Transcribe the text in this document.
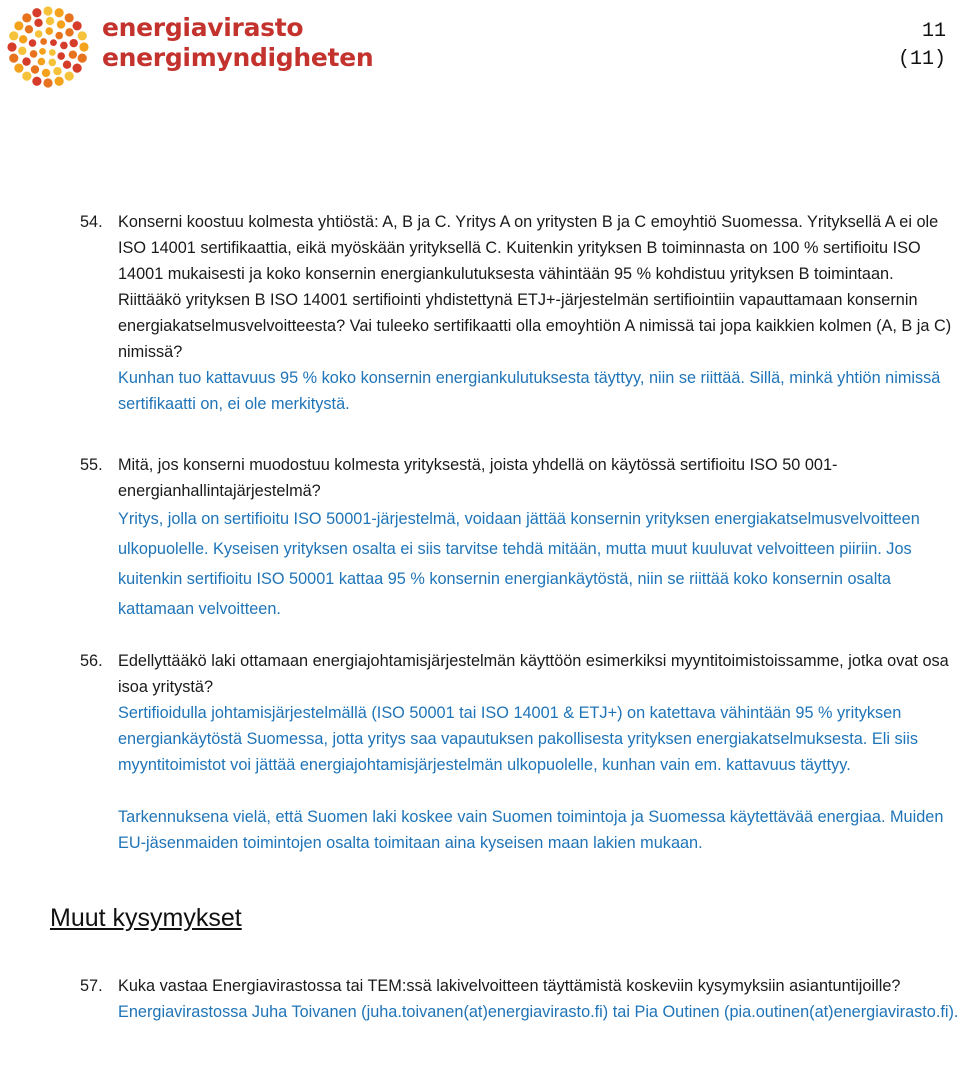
energiavirasto
energimyndigheten
11
(11)
54. Konserni koostuu kolmesta yhtiöstä: A, B ja C. Yritys A on yritysten B ja C emoyhtiö Suomessa. Yrityksellä A ei ole ISO 14001 sertifikaattia, eikä myöskään yrityksellä C. Kuitenkin yrityksen B toiminnasta on 100 % sertifioitu ISO 14001 mukaisesti ja koko konsernin energiankulutuksesta vähintään 95 % kohdistuu yrityksen B toimintaan. Riittääkö yrityksen B ISO 14001 sertifiointi yhdistettynä ETJ+-järjestelmän sertifiointiin vapauttamaan konsernin energiakatselmusvelvoitteesta? Vai tuleeko sertifikaatti olla emoyhtiön A nimissä tai jopa kaikkien kolmen (A, B ja C) nimissä?

Kunhan tuo kattavuus 95 % koko konsernin energiankulutuksesta täyttyy, niin se riittää. Sillä, minkä yhtiön nimissä sertifikaatti on, ei ole merkitystä.

55. Mitä, jos konserni muodostuu kolmesta yrityksestä, joista yhdellä on käytössä sertifioitu ISO 50 001-energianhallintajärjestelmä?

Yritys, jolla on sertifioitu ISO 50001-järjestelmä, voidaan jättää konsernin yrityksen energiakatselmusvelvoitteen ulkopuolelle. Kyseisen yrityksen osalta ei siis tarvitse tehdä mitään, mutta muut kuuluvat velvoitteen piiriin. Jos kuitenkin sertifioitu ISO 50001 kattaa 95 % konsernin energiankäytöstä, niin se riittää koko konsernin osalta kattamaan velvoitteen.

56. Edellyttääkö laki ottamaan energiajohtamisjärjestelmän käyttöön esimerkiksi myyntitoimistoissamme, jotka ovat osa isoa yritystä?

Sertifioidulla johtamisjärjestelmällä (ISO 50001 tai ISO 14001 & ETJ+) on katettava vähintään 95 % yrityksen energiankäytöstä Suomessa, jotta yritys saa vapautuksen pakollisesta yrityksen energiakatselmuksesta. Eli siis myyntitoimistot voi jättää energiajohtamisjärjestelmän ulkopuolelle, kunhan vain em. kattavuus täyttyy.

Tarkennuksena vielä, että Suomen laki koskee vain Suomen toimintoja ja Suomessa käytettävää energiaa. Muiden EU-jäsenmaiden toimintojen osalta toimitaan aina kyseisen maan lakien mukaan.

Muut kysymykset
57. Kuka vastaa Energiavirastossa tai TEM:ssä lakivelvoitteen täyttämistä koskeviin kysymyksiin asiantuntijoille?

Energiavirastossa Juha Toivanen (juha.toivanen(at)energiavirasto.fi) tai Pia Outinen (pia.outinen(at)energiavirasto.fi).
